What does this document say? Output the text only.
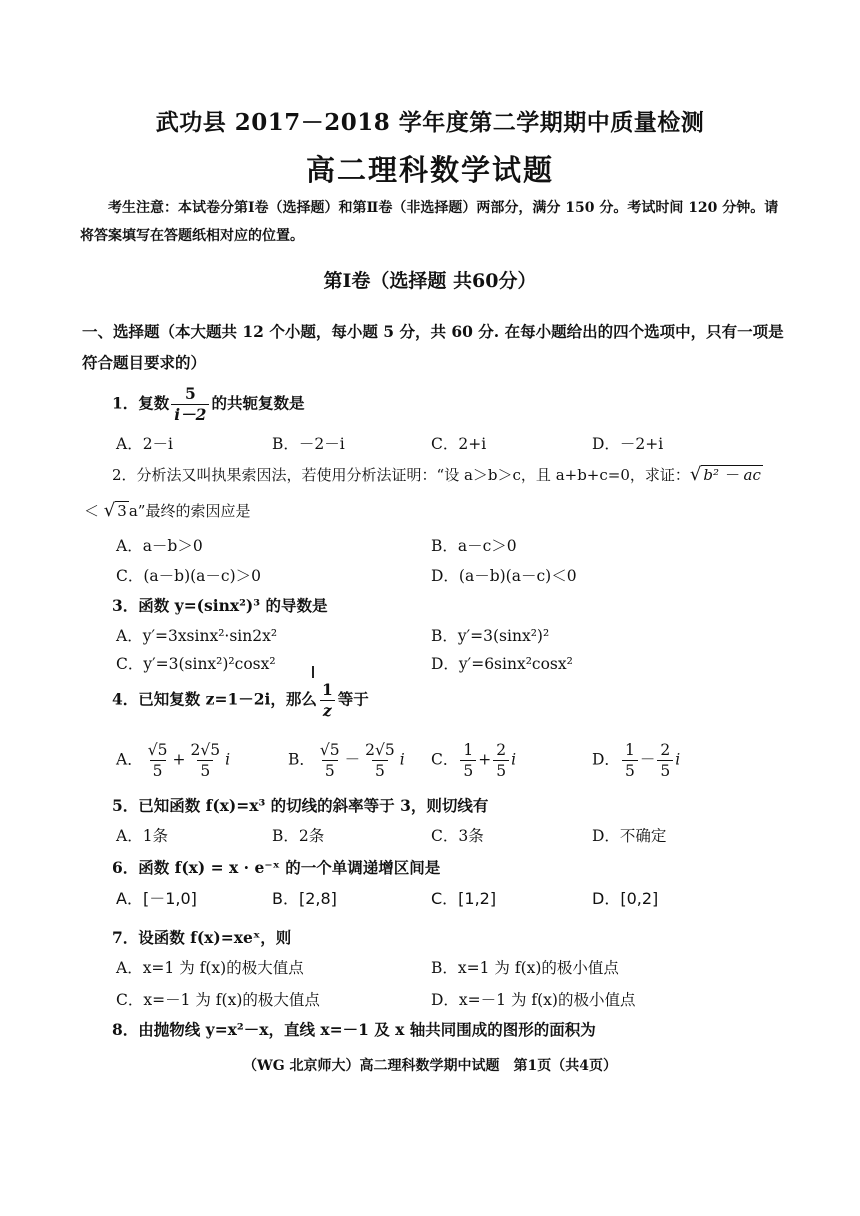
武功县 2017－2018 学年度第二学期期中质量检测
高二理科数学试题
考生注意：本试卷分第Ⅰ卷（选择题）和第Ⅱ卷（非选择题）两部分，满分 150 分。考试时间 120 分钟。请将答案填写在答题纸相对应的位置。
第Ⅰ卷（选择题 共60分）
一、选择题（本大题共 12 个小题，每小题 5 分，共 60 分. 在每小题给出的四个选项中，只有一项是符合题目要求的）
1．复数 $\frac{5}{i-2}$ 的共轭复数是
A．2－i	B．－2－i	C．2+i	D．－2+i
2．分析法又叫执果索因法，若使用分析法证明：“设 a＞b＞c，且 a+b+c=0，求证：√ b² － ac
＜ √ 3 a”最终的索因应是
A．a－b＞0	B．a－c＞0
C．(a－b)(a－c)＞0	D．(a－b)(a－c)＜0
3．函数 y=(sinx²)³ 的导数是
A．y′=3xsinx²·sin2x²	B．y′=3(sinx²)²
C．y′=3(sinx²)²cosx²	D．y′=6sinx²cosx²
4．已知复数 z=1－2i，那么 $\frac{1}{z}$ 等于
A． $\frac{√5}{5} + \frac{2√5}{5}$ i	B． $\frac{√5}{5} - \frac{2√5}{5}$ i C． $\frac{1}{5} + \frac{2}{5}$ i	D． $\frac{1}{5} - \frac{2}{5}$ i
5．已知函数 f(x)=x³ 的切线的斜率等于 3，则切线有
A．1条	B．2条	C．3条	D．不确定
6．函数 f(x) = x · e⁻ˣ 的一个单调递增区间是
A．[－1,0]	B．[2,8]	C．[1,2]	D．[0,2]
7．设函数 f(x)=xeˣ，则
A．x=1 为 f(x)的极大值点	B．x=1 为 f(x)的极小值点
C．x=－1 为 f(x)的极大值点	D．x=－1 为 f(x)的极小值点
8．由抛物线 y=x²－x，直线 x=－1 及 x 轴共同围成的图形的面积为
（WG 北京师大）高二理科数学期中试题　第1页（共4页）
